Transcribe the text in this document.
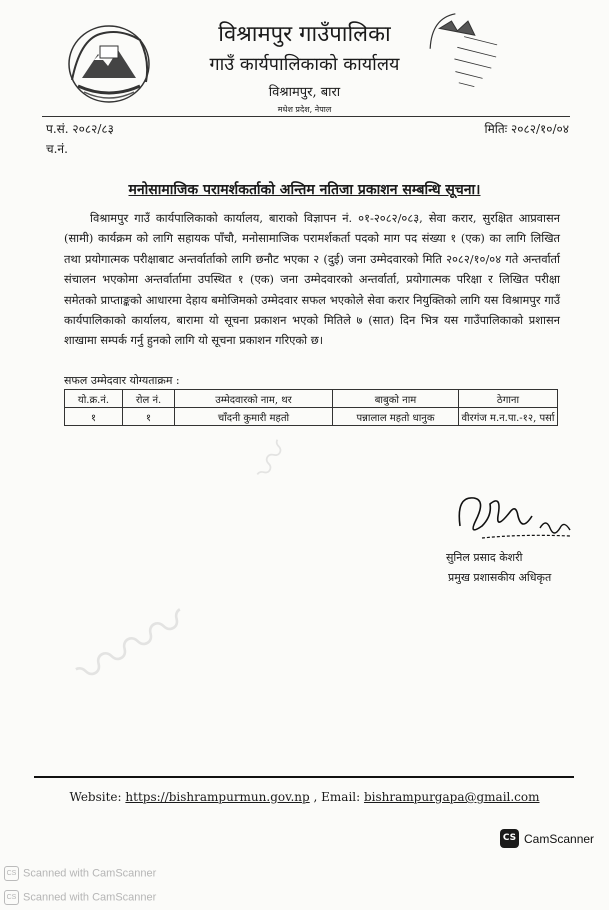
विश्रामपुर गाउँपालिका
गाउँ कार्यपालिकाको कार्यालय
विश्रामपुर, बारा
मधेश प्रदेश, नेपाल
प.सं. २०८२/८३
च.नं.
मितिः २०८२/१०/०४
मनोसामाजिक परामर्शकर्ताको अन्तिम नतिजा प्रकाशन सम्बन्धि सूचना।
विश्रामपुर गाउँ कार्यपालिकाको कार्यालय, बाराको विज्ञापन नं. ०१-२०८२/०८३, सेवा करार, सुरक्षित आप्रवासन (सामी) कार्यक्रम को लागि सहायक पाँचौ, मनोसामाजिक परामर्शकर्ता पदको माग पद संख्या १ (एक) का लागि लिखित तथा प्रयोगात्मक परीक्षाबाट अन्तर्वार्ताको लागि छनौट भएका २ (दुई) जना उम्मेदवारको मिति २०८२/१०/०४ गते अन्तर्वार्ता संचालन भएकोमा अन्तर्वार्तामा उपस्थित १ (एक) जना उम्मेदवारको अन्तर्वार्ता, प्रयोगात्मक परिक्षा र लिखित परीक्षा समेतको प्राप्ताङ्कको आधारमा देहाय बमोजिमको उम्मेदवार सफल भएकोले सेवा करार नियुक्तिको लागि यस विश्रामपुर गाउँ कार्यपालिकाको कार्यालय, बारामा यो सूचना प्रकाशन भएको मितिले ७ (सात) दिन भित्र यस गाउँपालिकाको प्रशासन शाखामा सम्पर्क गर्नु हुनको लागि यो सूचना प्रकाशन गरिएको छ।
सफल उम्मेदवार योग्यताक्रम :
यो.क्र.नं.	रोल नं.	उम्मेदवारको नाम, थर	बाबुको नाम	ठेगाना
१	१	चाँदनी कुमारी महतो	पन्नालाल महतो धानुक	वीरगंज म.न.पा.-१२, पर्सा
〰
〰〰
सुनिल प्रसाद केशरी
प्रमुख प्रशासकीय अधिकृत
Website: https://bishrampurmun.gov.np , Email: bishrampurgapa@gmail.com
CS CamScanner
CS Scanned with CamScanner
CS Scanned with CamScanner
